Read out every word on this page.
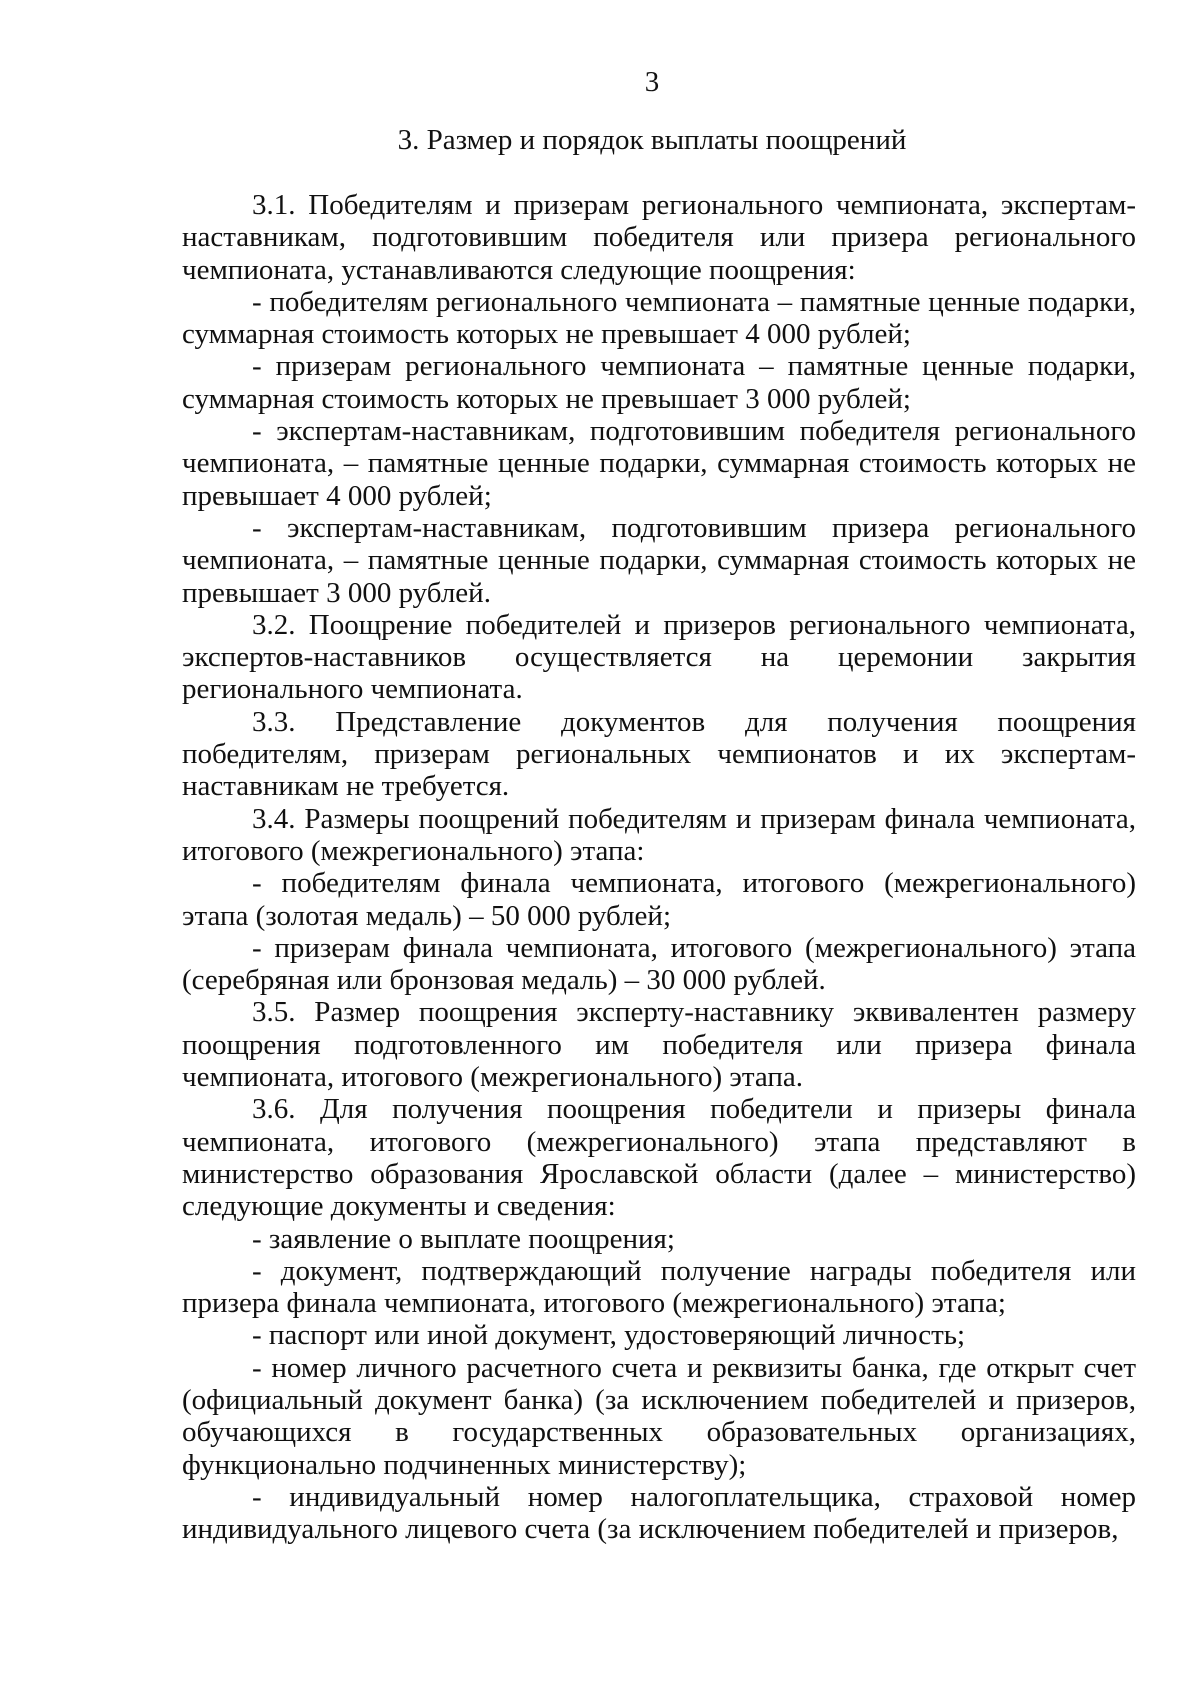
3
3. Размер и порядок выплаты поощрений

3.1. Победителям и призерам регионального чемпионата, экспертам-наставникам, подготовившим победителя или призера регионального чемпионата, устанавливаются следующие поощрения:

- победителям регионального чемпионата – памятные ценные подарки, суммарная стоимость которых не превышает 4 000 рублей;

- призерам регионального чемпионата – памятные ценные подарки, суммарная стоимость которых не превышает 3 000 рублей;

- экспертам-наставникам, подготовившим победителя регионального чемпионата, – памятные ценные подарки, суммарная стоимость которых не превышает 4 000 рублей;

- экспертам-наставникам, подготовившим призера регионального чемпионата, – памятные ценные подарки, суммарная стоимость которых не превышает 3 000 рублей.

3.2. Поощрение победителей и призеров регионального чемпионата, экспертов-наставников осуществляется на церемонии закрытия регионального чемпионата.

3.3. Представление документов для получения поощрения победителям, призерам региональных чемпионатов и их экспертам-наставникам не требуется.

3.4. Размеры поощрений победителям и призерам финала чемпионата, итогового (межрегионального) этапа:

- победителям финала чемпионата, итогового (межрегионального) этапа (золотая медаль) – 50 000 рублей;

- призерам финала чемпионата, итогового (межрегионального) этапа (серебряная или бронзовая медаль) – 30 000 рублей.

3.5. Размер поощрения эксперту-наставнику эквивалентен размеру поощрения подготовленного им победителя или призера финала чемпионата, итогового (межрегионального) этапа.

3.6. Для получения поощрения победители и призеры финала чемпионата, итогового (межрегионального) этапа представляют в министерство образования Ярославской области (далее – министерство) следующие документы и сведения:

- заявление о выплате поощрения;

- документ, подтверждающий получение награды победителя или призера финала чемпионата, итогового (межрегионального) этапа;

- паспорт или иной документ, удостоверяющий личность;

- номер личного расчетного счета и реквизиты банка, где открыт счет (официальный документ банка) (за исключением победителей и призеров, обучающихся в государственных образовательных организациях, функционально подчиненных министерству);

- индивидуальный номер налогоплательщика, страховой номер индивидуального лицевого счета (за исключением победителей и призеров,
